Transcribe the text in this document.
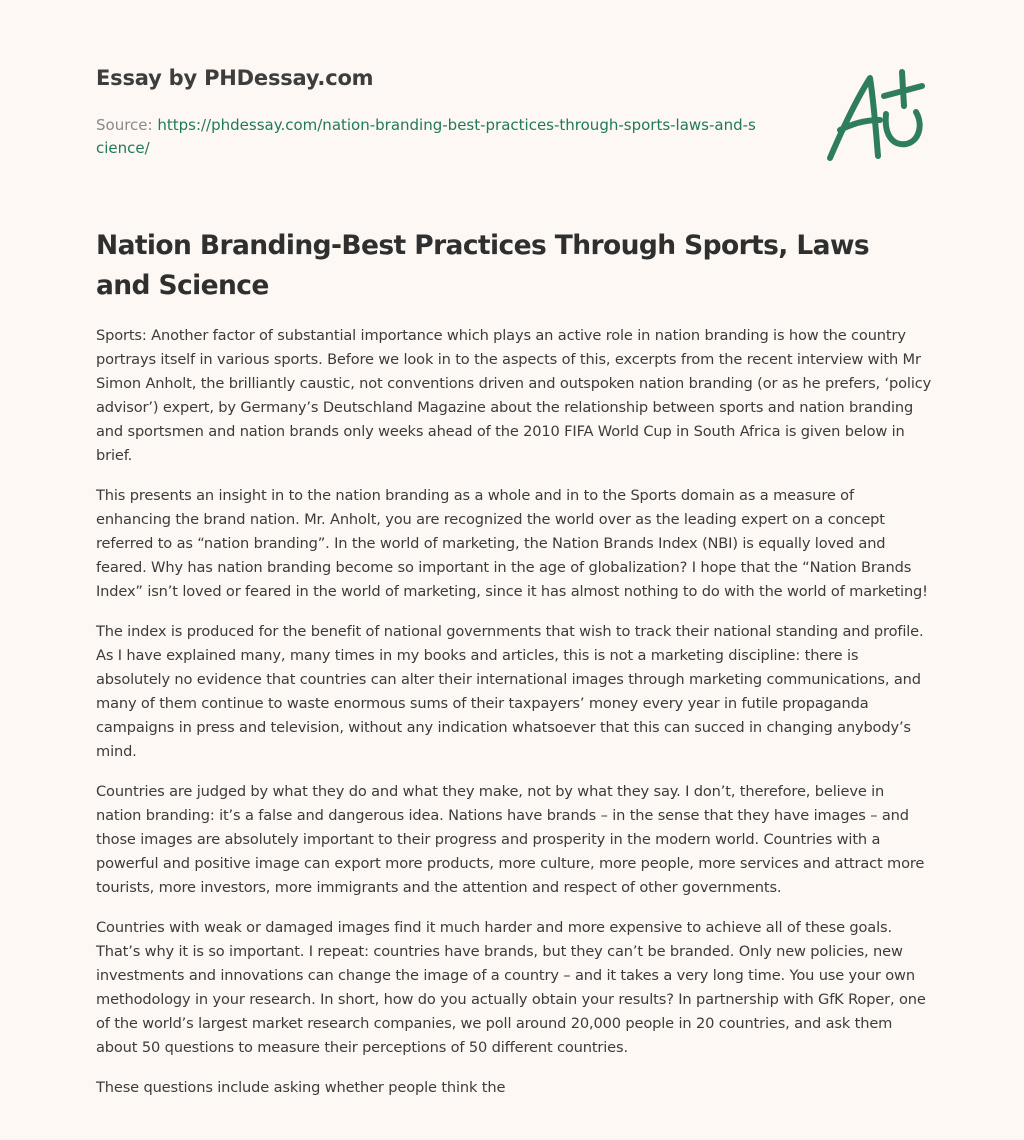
Essay by PHDessay.com
Source: https://phdessay.com/nation-branding-best-practices-through-sports-laws-and-science/
Nation Branding-Best Practices Through Sports, Laws and Science

Sports: Another factor of substantial importance which plays an active role in nation branding is how the country portrays itself in various sports. Before we look in to the aspects of this, excerpts from the recent interview with Mr Simon Anholt, the brilliantly caustic, not conventions driven and outspoken nation branding (or as he prefers, ‘policy advisor’) expert, by Germany’s Deutschland Magazine about the relationship between sports and nation branding and sportsmen and nation brands only weeks ahead of the 2010 FIFA World Cup in South Africa is given below in brief.

This presents an insight in to the nation branding as a whole and in to the Sports domain as a measure of enhancing the brand nation. Mr. Anholt, you are recognized the world over as the leading expert on a concept referred to as “nation branding”. In the world of marketing, the Nation Brands Index (NBI) is equally loved and feared. Why has nation branding become so important in the age of globalization? I hope that the “Nation Brands Index” isn’t loved or feared in the world of marketing, since it has almost nothing to do with the world of marketing!

The index is produced for the benefit of national governments that wish to track their national standing and profile. As I have explained many, many times in my books and articles, this is not a marketing discipline: there is absolutely no evidence that countries can alter their international images through marketing communications, and many of them continue to waste enormous sums of their taxpayers’ money every year in futile propaganda campaigns in press and television, without any indication whatsoever that this can succed in changing anybody’s mind.

Countries are judged by what they do and what they make, not by what they say. I don’t, therefore, believe in nation branding: it’s a false and dangerous idea. Nations have brands – in the sense that they have images – and those images are absolutely important to their progress and prosperity in the modern world. Countries with a powerful and positive image can export more products, more culture, more people, more services and attract more tourists, more investors, more immigrants and the attention and respect of other governments.

Countries with weak or damaged images find it much harder and more expensive to achieve all of these goals. That’s why it is so important. I repeat: countries have brands, but they can’t be branded. Only new policies, new investments and innovations can change the image of a country – and it takes a very long time. You use your own methodology in your research. In short, how do you actually obtain your results? In partnership with GfK Roper, one of the world’s largest market research companies, we poll around 20,000 people in 20 countries, and ask them about 50 questions to measure their perceptions of 50 different countries.

These questions include asking whether people think the
